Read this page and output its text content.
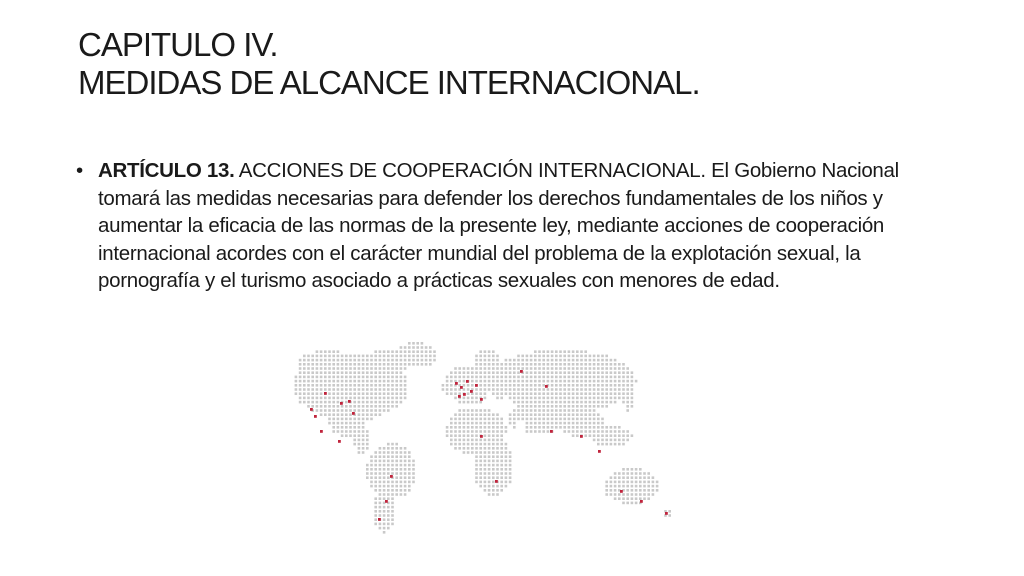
CAPITULO IV.
MEDIDAS DE ALCANCE INTERNACIONAL.
• ARTÍCULO 13. ACCIONES DE COOPERACIÓN INTERNACIONAL. El Gobierno Nacional tomará las medidas necesarias para defender los derechos fundamentales de los niños y aumentar la eficacia de las normas de la presente ley, mediante acciones de cooperación internacional acordes con el carácter mundial del problema de la explotación sexual, la pornografía y el turismo asociado a prácticas sexuales con menores de edad.
